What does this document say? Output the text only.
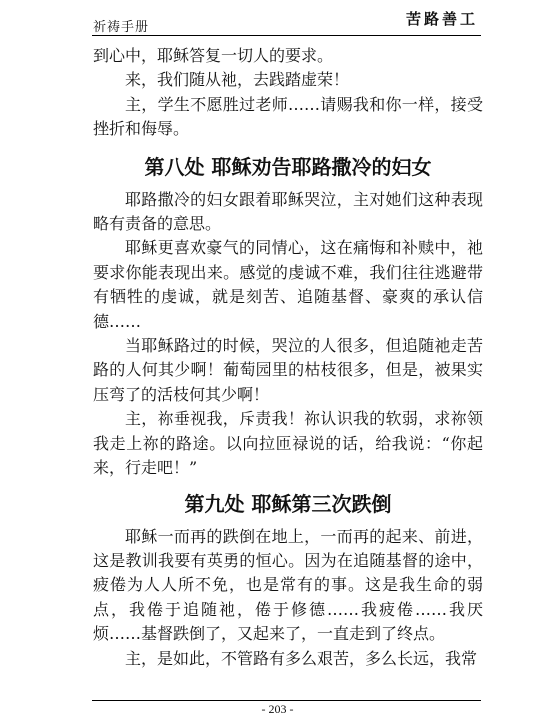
祈祷手册	苦路善工

到心中，耶稣答复一切人的要求。

来，我们随从祂，去践踏虚荣！

主，学生不愿胜过老师……请赐我和你一样，接受挫折和侮辱。

第八处 耶稣劝告耶路撒冷的妇女

耶路撒冷的妇女跟着耶稣哭泣，主对她们这种表现略有责备的意思。

耶稣更喜欢豪气的同情心，这在痛悔和补赎中，祂要求你能表现出来。感觉的虔诚不难，我们往往逃避带有牺牲的虔诚，就是刻苦、追随基督、豪爽的承认信德……

当耶稣路过的时候，哭泣的人很多，但追随祂走苦路的人何其少啊！葡萄园里的枯枝很多，但是，被果实压弯了的活枝何其少啊！

主，祢垂视我，斥责我！祢认识我的软弱，求祢领我走上祢的路途。以向拉匝禄说的话，给我说：“你起来，行走吧！”

第九处 耶稣第三次跌倒

耶稣一而再的跌倒在地上，一而再的起来、前进，这是教训我要有英勇的恒心。因为在追随基督的途中，疲倦为人人所不免，也是常有的事。这是我生命的弱点，我倦于追随祂，倦于修德……我疲倦……我厌烦……基督跌倒了，又起来了，一直走到了终点。

主，是如此，不管路有多么艰苦，多么长远，我常

- 203 -
